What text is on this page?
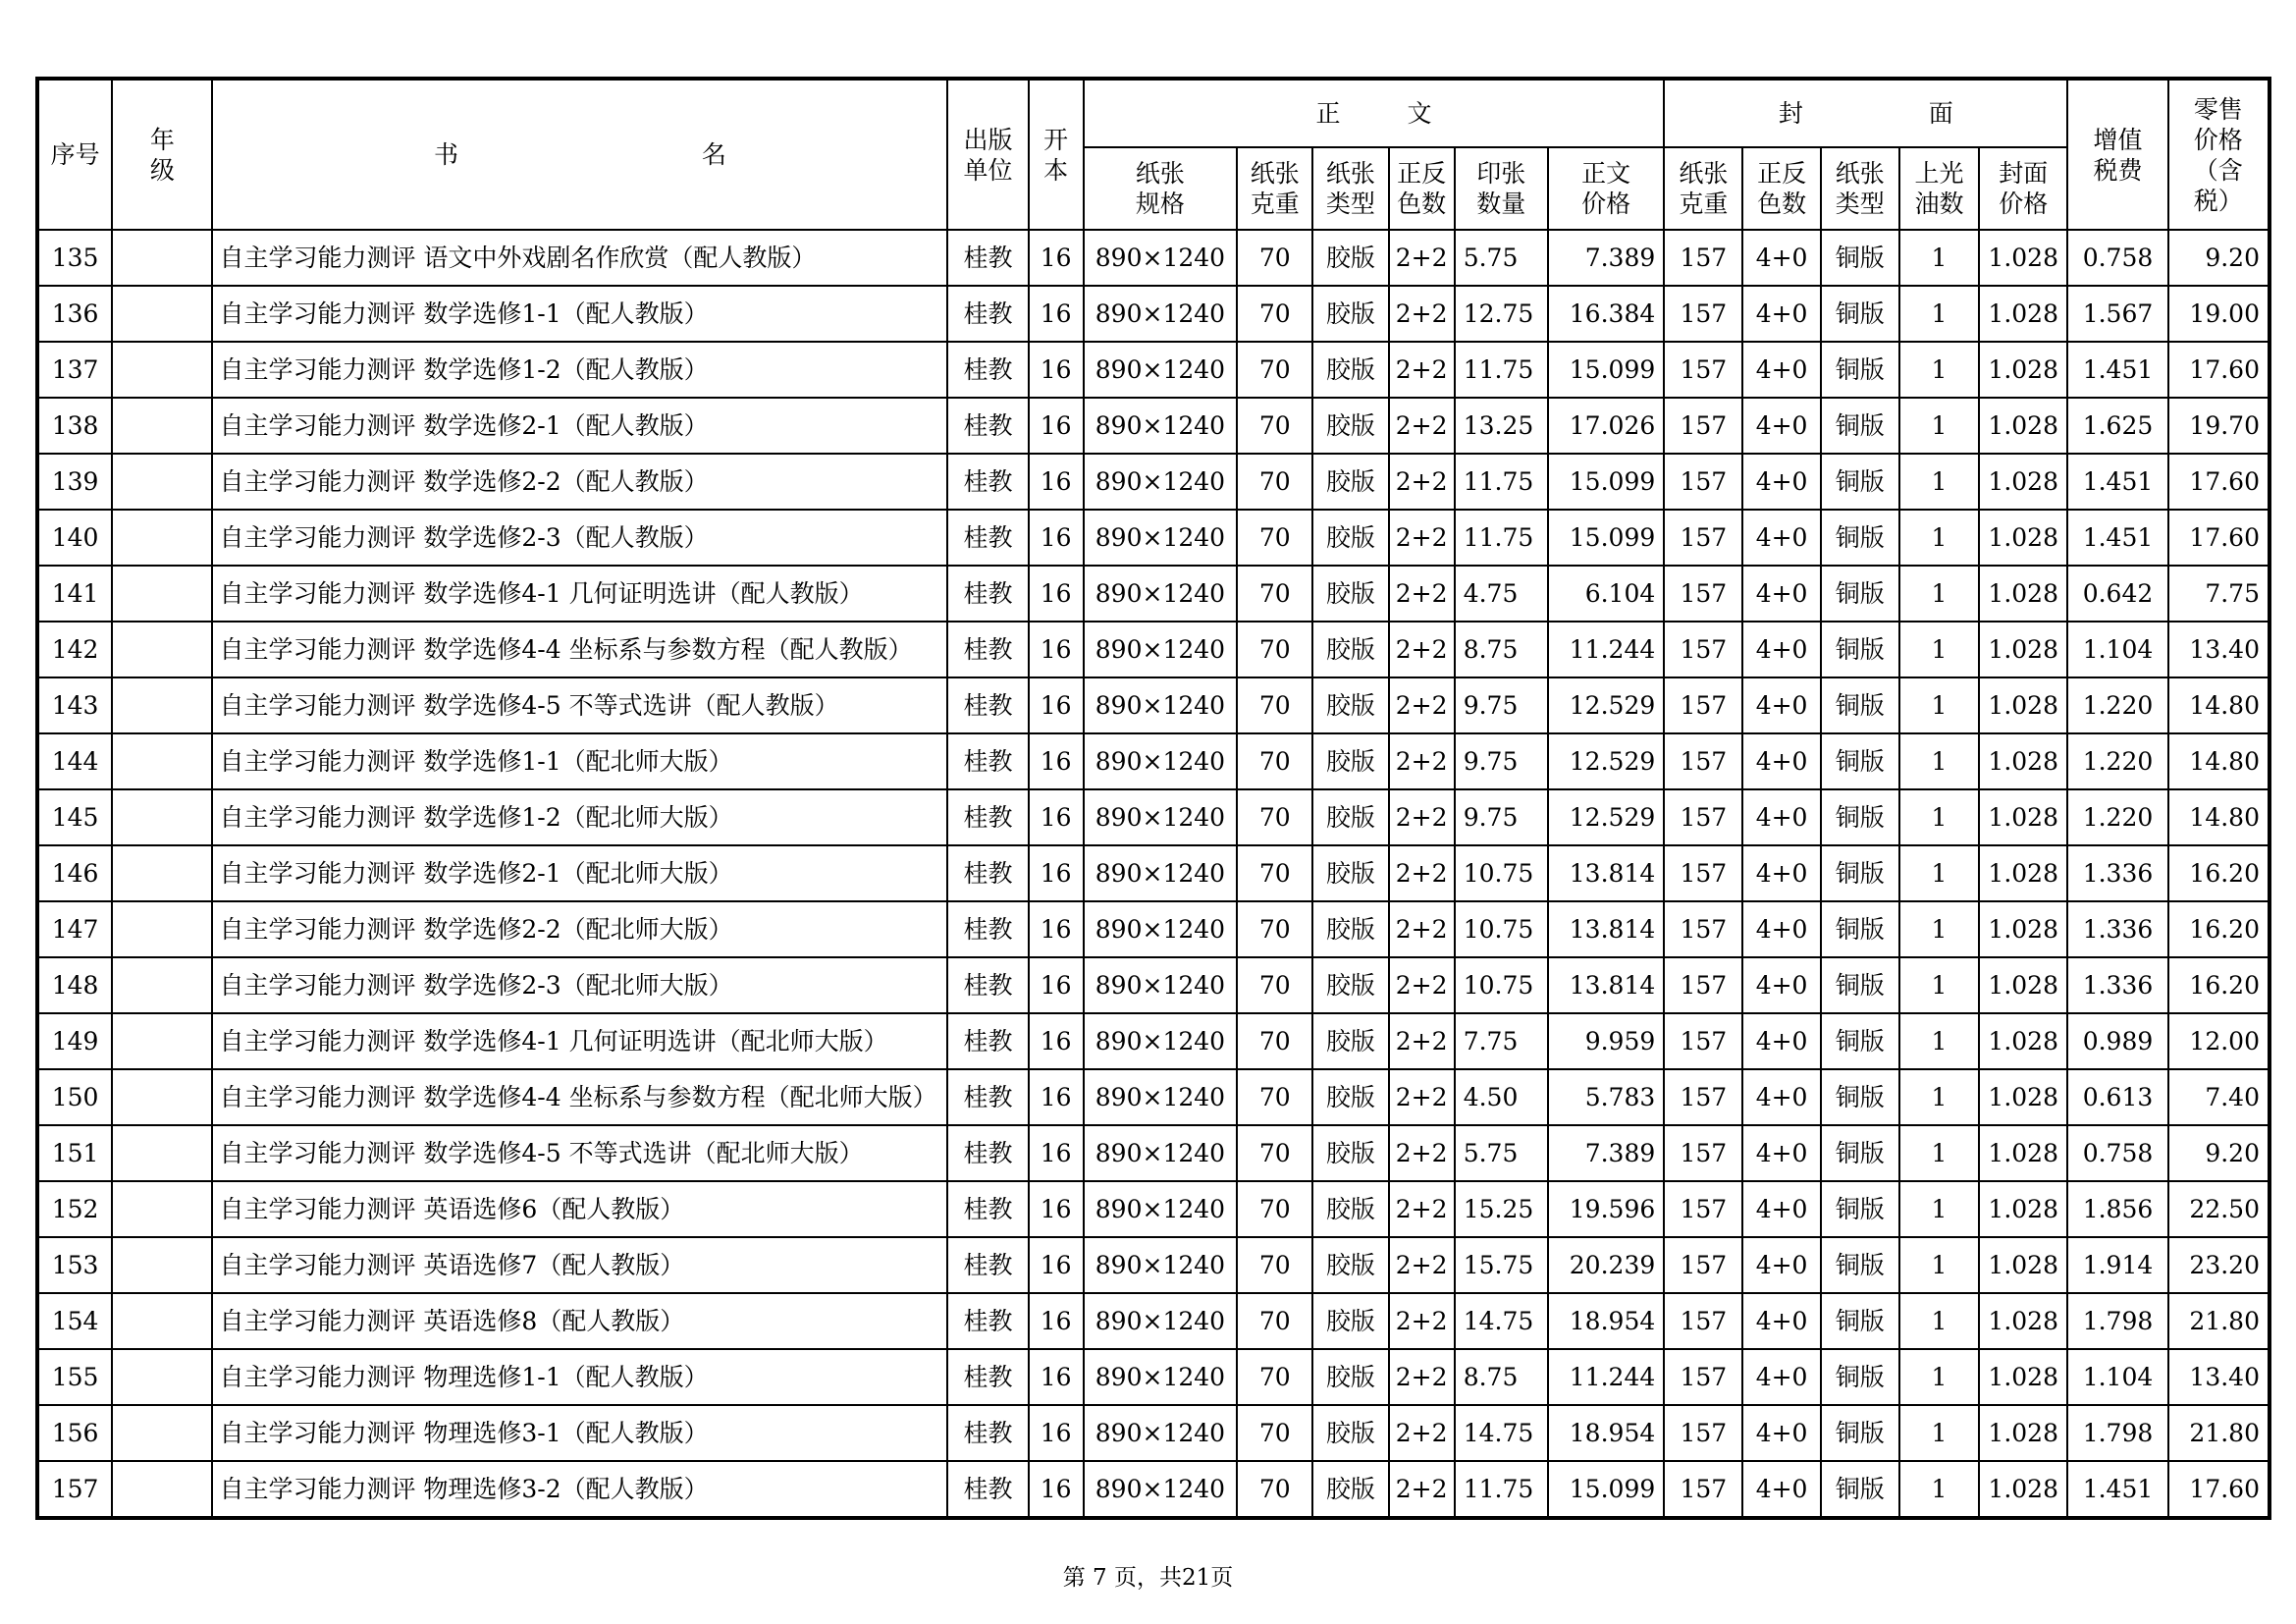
序号	年级	书 名	出版单位	开本	正 文						封 面					增值税费	零售价格（含税）
					纸张规格	纸张克重	纸张类型	正反色数	印张数量	正文价格	纸张克重	正反色数	纸张类型	上光油数	封面价格		
135		自主学习能力测评 语文中外戏剧名作欣赏（配人教版）	桂教	16	890×1240	70	胶版	2+2	5.75	7.389	157	4+0	铜版	1	1.028	0.758	9.20
136		自主学习能力测评 数学选修1-1（配人教版）	桂教	16	890×1240	70	胶版	2+2	12.75	16.384	157	4+0	铜版	1	1.028	1.567	19.00
137		自主学习能力测评 数学选修1-2（配人教版）	桂教	16	890×1240	70	胶版	2+2	11.75	15.099	157	4+0	铜版	1	1.028	1.451	17.60
138		自主学习能力测评 数学选修2-1（配人教版）	桂教	16	890×1240	70	胶版	2+2	13.25	17.026	157	4+0	铜版	1	1.028	1.625	19.70
139		自主学习能力测评 数学选修2-2（配人教版）	桂教	16	890×1240	70	胶版	2+2	11.75	15.099	157	4+0	铜版	1	1.028	1.451	17.60
140		自主学习能力测评 数学选修2-3（配人教版）	桂教	16	890×1240	70	胶版	2+2	11.75	15.099	157	4+0	铜版	1	1.028	1.451	17.60
141		自主学习能力测评 数学选修4-1 几何证明选讲（配人教版）	桂教	16	890×1240	70	胶版	2+2	4.75	6.104	157	4+0	铜版	1	1.028	0.642	7.75
142		自主学习能力测评 数学选修4-4 坐标系与参数方程（配人教版）	桂教	16	890×1240	70	胶版	2+2	8.75	11.244	157	4+0	铜版	1	1.028	1.104	13.40
143		自主学习能力测评 数学选修4-5 不等式选讲（配人教版）	桂教	16	890×1240	70	胶版	2+2	9.75	12.529	157	4+0	铜版	1	1.028	1.220	14.80
144		自主学习能力测评 数学选修1-1（配北师大版）	桂教	16	890×1240	70	胶版	2+2	9.75	12.529	157	4+0	铜版	1	1.028	1.220	14.80
145		自主学习能力测评 数学选修1-2（配北师大版）	桂教	16	890×1240	70	胶版	2+2	9.75	12.529	157	4+0	铜版	1	1.028	1.220	14.80
146		自主学习能力测评 数学选修2-1（配北师大版）	桂教	16	890×1240	70	胶版	2+2	10.75	13.814	157	4+0	铜版	1	1.028	1.336	16.20
147		自主学习能力测评 数学选修2-2（配北师大版）	桂教	16	890×1240	70	胶版	2+2	10.75	13.814	157	4+0	铜版	1	1.028	1.336	16.20
148		自主学习能力测评 数学选修2-3（配北师大版）	桂教	16	890×1240	70	胶版	2+2	10.75	13.814	157	4+0	铜版	1	1.028	1.336	16.20
149		自主学习能力测评 数学选修4-1 几何证明选讲（配北师大版）	桂教	16	890×1240	70	胶版	2+2	7.75	9.959	157	4+0	铜版	1	1.028	0.989	12.00
150		自主学习能力测评 数学选修4-4 坐标系与参数方程（配北师大版）	桂教	16	890×1240	70	胶版	2+2	4.50	5.783	157	4+0	铜版	1	1.028	0.613	7.40
151		自主学习能力测评 数学选修4-5 不等式选讲（配北师大版）	桂教	16	890×1240	70	胶版	2+2	5.75	7.389	157	4+0	铜版	1	1.028	0.758	9.20
152		自主学习能力测评 英语选修6（配人教版）	桂教	16	890×1240	70	胶版	2+2	15.25	19.596	157	4+0	铜版	1	1.028	1.856	22.50
153		自主学习能力测评 英语选修7（配人教版）	桂教	16	890×1240	70	胶版	2+2	15.75	20.239	157	4+0	铜版	1	1.028	1.914	23.20
154		自主学习能力测评 英语选修8（配人教版）	桂教	16	890×1240	70	胶版	2+2	14.75	18.954	157	4+0	铜版	1	1.028	1.798	21.80
155		自主学习能力测评 物理选修1-1（配人教版）	桂教	16	890×1240	70	胶版	2+2	8.75	11.244	157	4+0	铜版	1	1.028	1.104	13.40
156		自主学习能力测评 物理选修3-1（配人教版）	桂教	16	890×1240	70	胶版	2+2	14.75	18.954	157	4+0	铜版	1	1.028	1.798	21.80
157		自主学习能力测评 物理选修3-2（配人教版）	桂教	16	890×1240	70	胶版	2+2	11.75	15.099	157	4+0	铜版	1	1.028	1.451	17.60
第 7 页，共21页
